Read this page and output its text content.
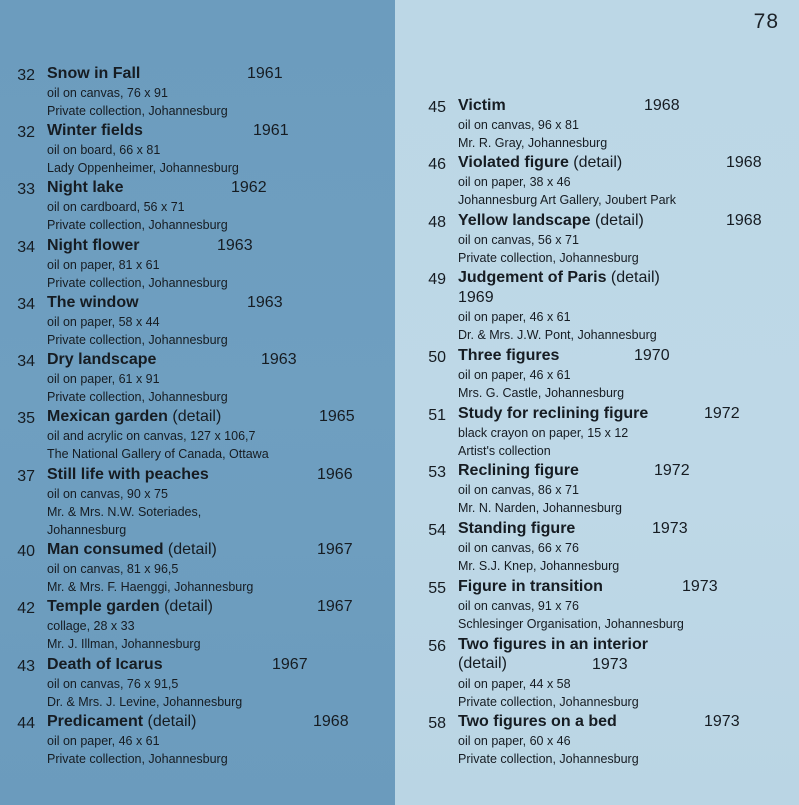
78
32 Snow in Fall	1961
oil on canvas, 76 x 91
Private collection, Johannesburg
32 Winter fields	1961
oil on board, 66 x 81
Lady Oppenheimer, Johannesburg
33 Night lake	1962
oil on cardboard, 56 x 71
Private collection, Johannesburg
34 Night flower	1963
oil on paper, 81 x 61
Private collection, Johannesburg
34 The window	1963
oil on paper, 58 x 44
Private collection, Johannesburg
34 Dry landscape	1963
oil on paper, 61 x 91
Private collection, Johannesburg
35 Mexican garden (detail)	1965
oil and acrylic on canvas, 127 x 106,7
The National Gallery of Canada, Ottawa
37 Still life with peaches	1966
oil on canvas, 90 x 75
Mr. & Mrs. N.W. Soteriades,
Johannesburg
40 Man consumed (detail)	1967
oil on canvas, 81 x 96,5
Mr. & Mrs. F. Haenggi, Johannesburg
42 Temple garden (detail)	1967
collage, 28 x 33
Mr. J. Illman, Johannesburg
43 Death of Icarus	1967
oil on canvas, 76 x 91,5
Dr. & Mrs. J. Levine, Johannesburg
44 Predicament (detail)	1968
oil on paper, 46 x 61
Private collection, Johannesburg
45 Victim	1968
oil on canvas, 96 x 81
Mr. R. Gray, Johannesburg
46 Violated figure (detail)	1968
oil on paper, 38 x 46
Johannesburg Art Gallery, Joubert Park
48 Yellow landscape (detail)	1968
oil on canvas, 56 x 71
Private collection, Johannesburg
49 Judgement of Paris (detail)
1969
oil on paper, 46 x 61
Dr. & Mrs. J.W. Pont, Johannesburg
50 Three figures	1970
oil on paper, 46 x 61
Mrs. G. Castle, Johannesburg
51 Study for reclining figure	1972
black crayon on paper, 15 x 12
Artist's collection
53 Reclining figure	1972
oil on canvas, 86 x 71
Mr. N. Narden, Johannesburg
54 Standing figure	1973
oil on canvas, 66 x 76
Mr. S.J. Knep, Johannesburg
55 Figure in transition	1973
oil on canvas, 91 x 76
Schlesinger Organisation, Johannesburg
56 Two figures in an interior
(detail)	1973
oil on paper, 44 x 58
Private collection, Johannesburg
58 Two figures on a bed	1973
oil on paper, 60 x 46
Private collection, Johannesburg
